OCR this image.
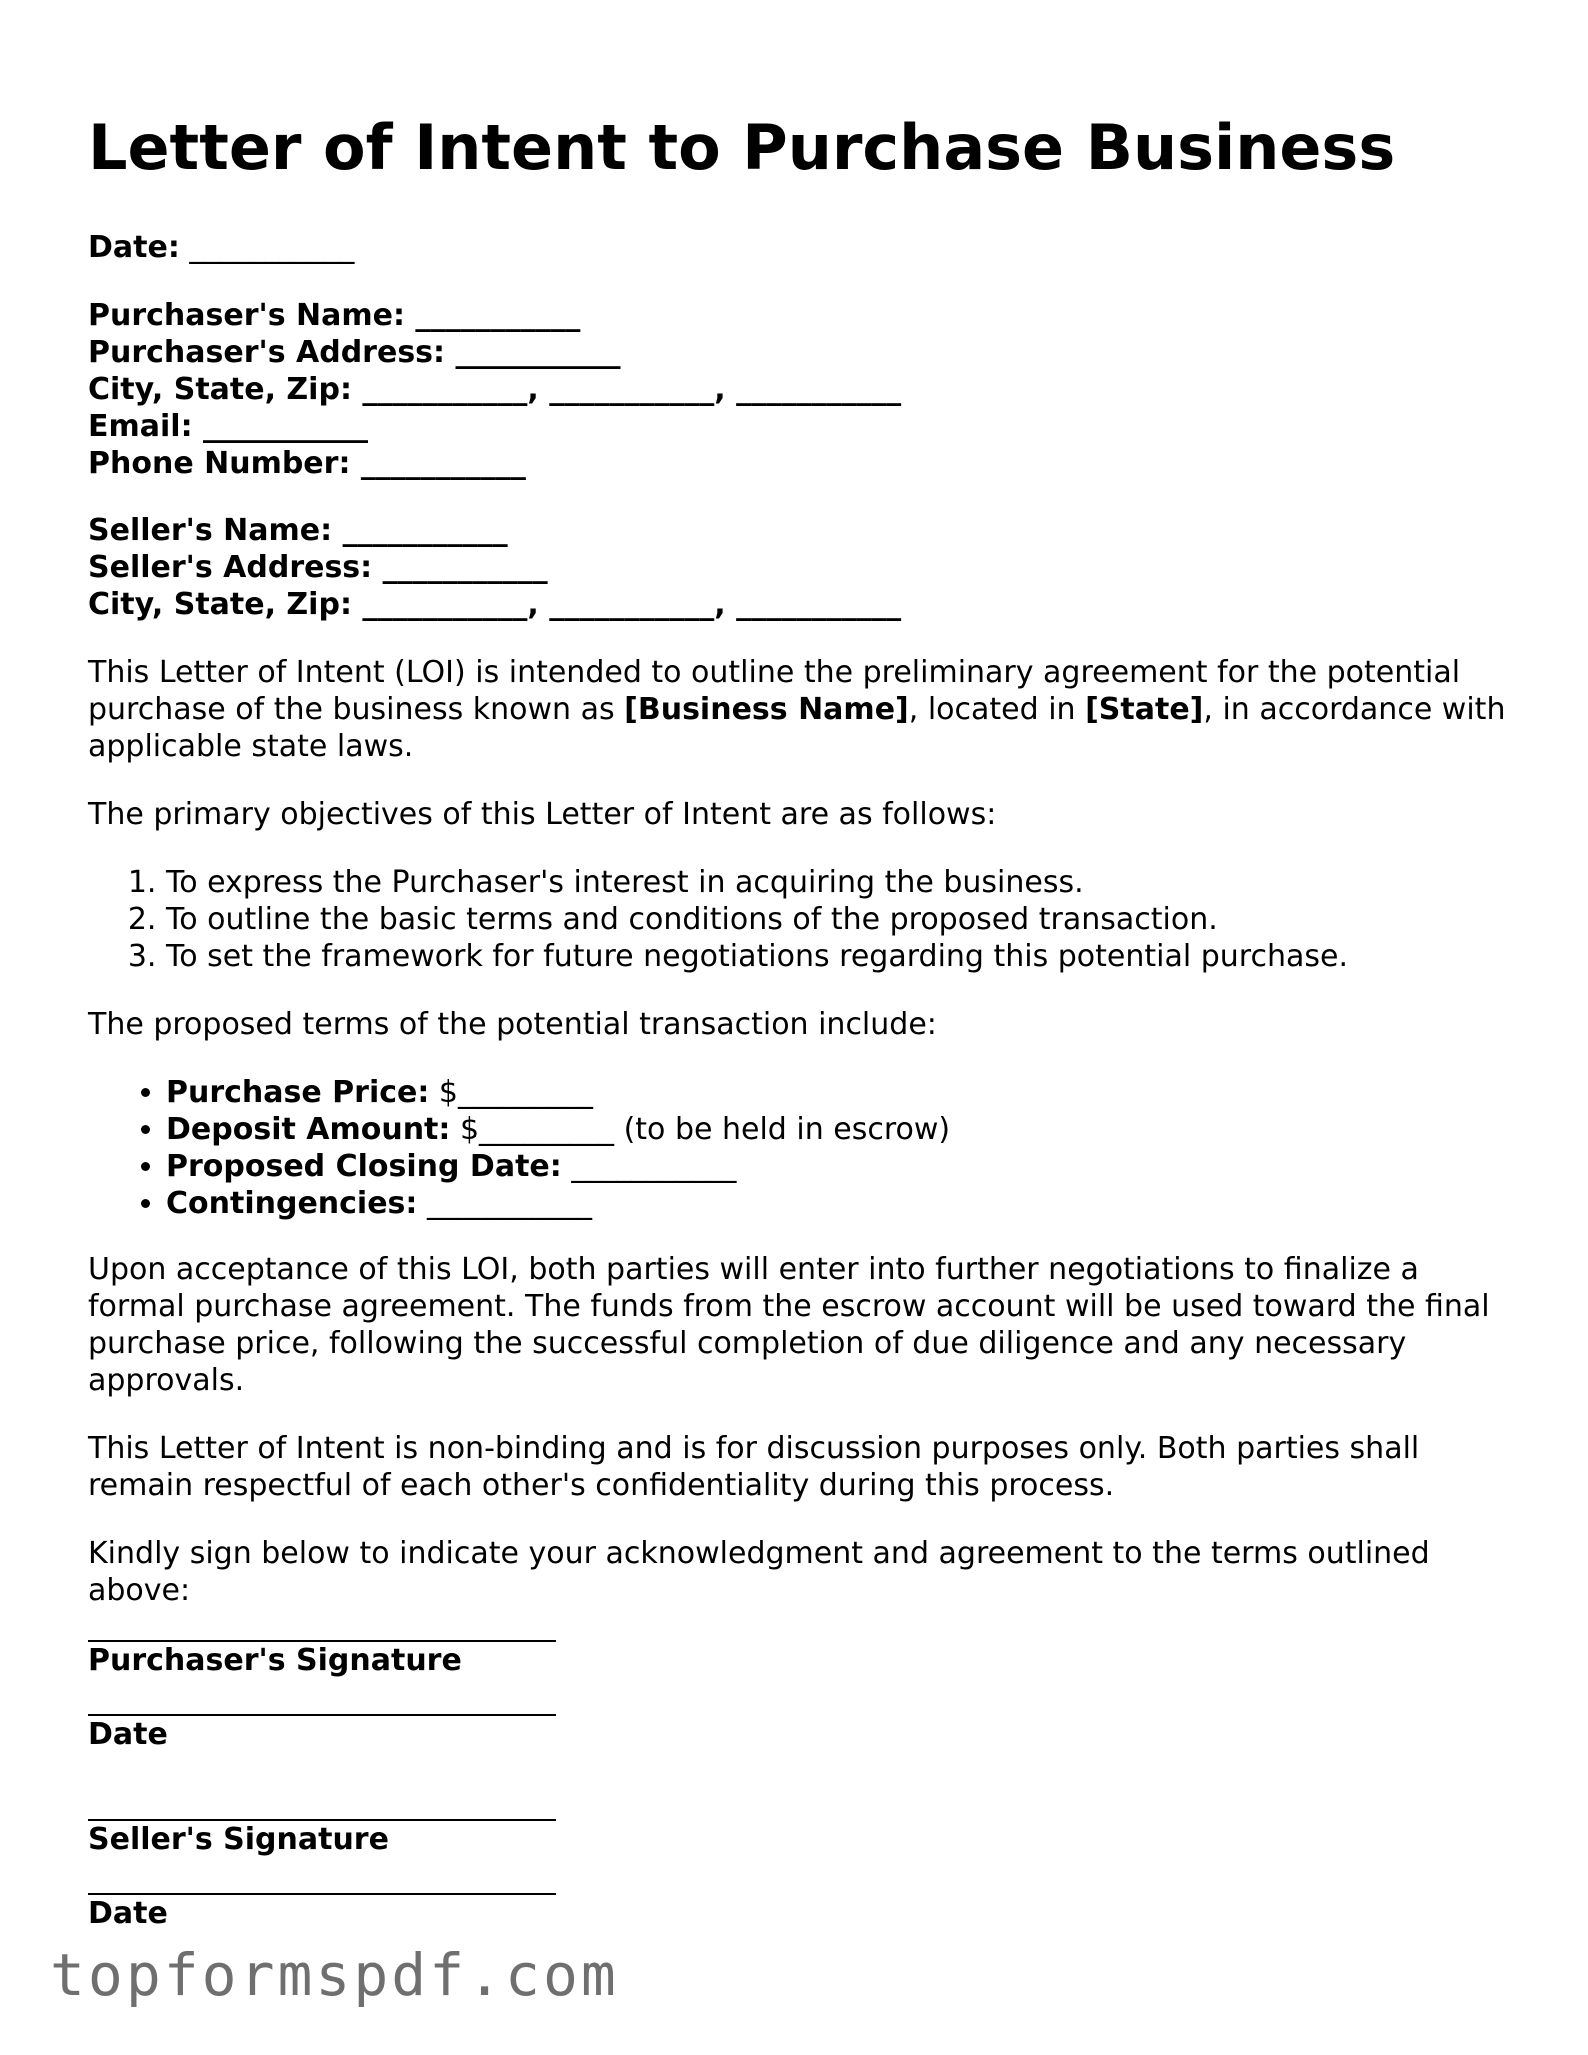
Letter of Intent to Purchase Business

Date: ___________

Purchaser's Name: ___________

Purchaser's Address: ___________

City, State, Zip: ___________, ___________, ___________

Email: ___________

Phone Number: ___________

Seller's Name: ___________

Seller's Address: ___________

City, State, Zip: ___________, ___________, ___________

This Letter of Intent (LOI) is intended to outline the preliminary agreement for the potential purchase of the business known as [Business Name], located in [State], in accordance with applicable state laws.

The primary objectives of this Letter of Intent are as follows:

1. To express the Purchaser's interest in acquiring the business.
2. To outline the basic terms and conditions of the proposed transaction.
3. To set the framework for future negotiations regarding this potential purchase.

The proposed terms of the potential transaction include:

• Purchase Price: $_________
• Deposit Amount: $_________ (to be held in escrow)
• Proposed Closing Date: ___________
• Contingencies: ___________

Upon acceptance of this LOI, both parties will enter into further negotiations to finalize a formal purchase agreement. The funds from the escrow account will be used toward the final purchase price, following the successful completion of due diligence and any necessary approvals.

This Letter of Intent is non-binding and is for discussion purposes only. Both parties shall remain respectful of each other's confidentiality during this process.

Kindly sign below to indicate your acknowledgment and agreement to the terms outlined above:

Purchaser's Signature

Date

Seller's Signature

Date

topformspdf.com
